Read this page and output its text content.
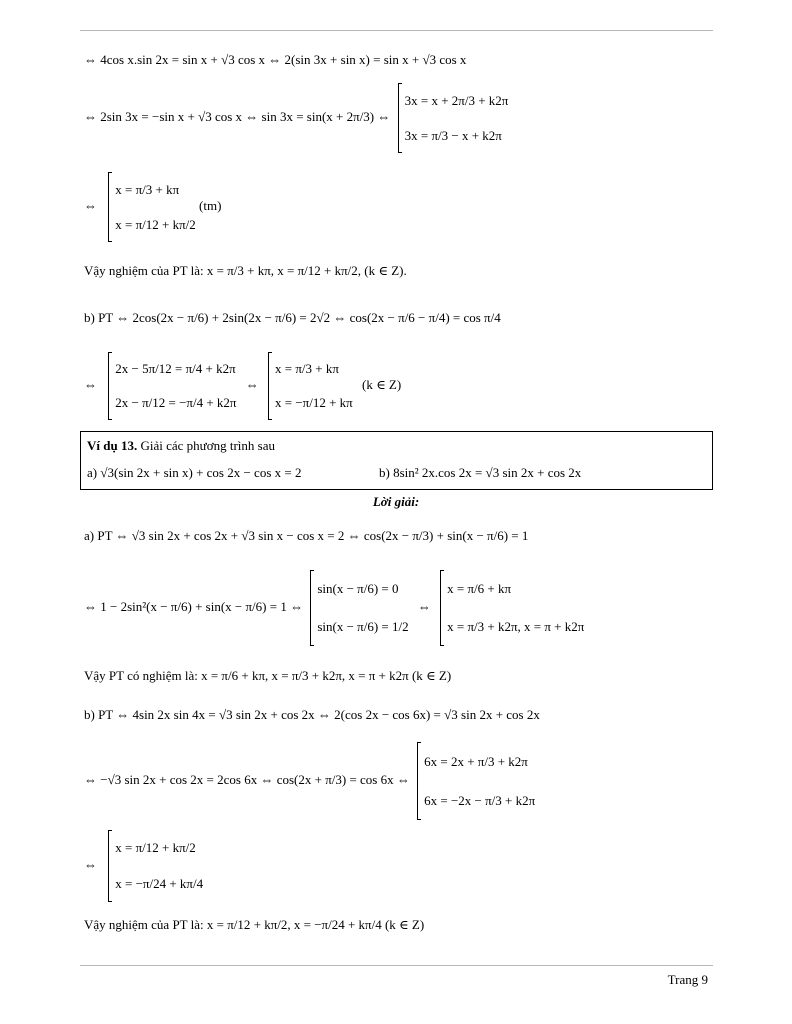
⇔ 4cos x.sin 2x = sin x + √3 cos x ⇔ 2(sin 3x + sin x) = sin x + √3 cos x
⇔ 2sin 3x = −sin x + √3 cos x ⇔ sin 3x = sin(x + 2π/3) ⇔
3x = x + 2π/3 + k2π
3x = π/3 − x + k2π
⇔
x = π/3 + kπ
x = π/12 + kπ/2
(tm)
Vậy nghiệm của PT là: x = π/3 + kπ, x = π/12 + kπ/2, (k ∈ Z).
b) PT ⇔ 2cos(2x − π/6) + 2sin(2x − π/6) = 2√2 ⇔ cos(2x − π/6 − π/4) = cos π/4
⇔
2x − 5π/12 = π/4 + k2π
2x − π/12 = −π/4 + k2π
⇔
x = π/3 + kπ
x = −π/12 + kπ
(k ∈ Z)
Ví dụ 13. Giải các phương trình sau
a) √3(sin 2x + sin x) + cos 2x − cos x = 2	b) 8sin² 2x.cos 2x = √3 sin 2x + cos 2x
Lời giải:
a) PT ⇔ √3 sin 2x + cos 2x + √3 sin x − cos x = 2 ⇔ cos(2x − π/3) + sin(x − π/6) = 1
⇔ 1 − 2sin²(x − π/6) + sin(x − π/6) = 1 ⇔
sin(x − π/6) = 0
sin(x − π/6) = 1/2
⇔
x = π/6 + kπ
x = π/3 + k2π, x = π + k2π
Vậy PT có nghiệm là: x = π/6 + kπ, x = π/3 + k2π, x = π + k2π (k ∈ Z)
b) PT ⇔ 4sin 2x sin 4x = √3 sin 2x + cos 2x ⇔ 2(cos 2x − cos 6x) = √3 sin 2x + cos 2x
⇔ −√3 sin 2x + cos 2x = 2cos 6x ⇔ cos(2x + π/3) = cos 6x ⇔
6x = 2x + π/3 + k2π
6x = −2x − π/3 + k2π
⇔
x = π/12 + kπ/2
x = −π/24 + kπ/4
Vậy nghiệm của PT là: x = π/12 + kπ/2, x = −π/24 + kπ/4 (k ∈ Z)
Trang 9
